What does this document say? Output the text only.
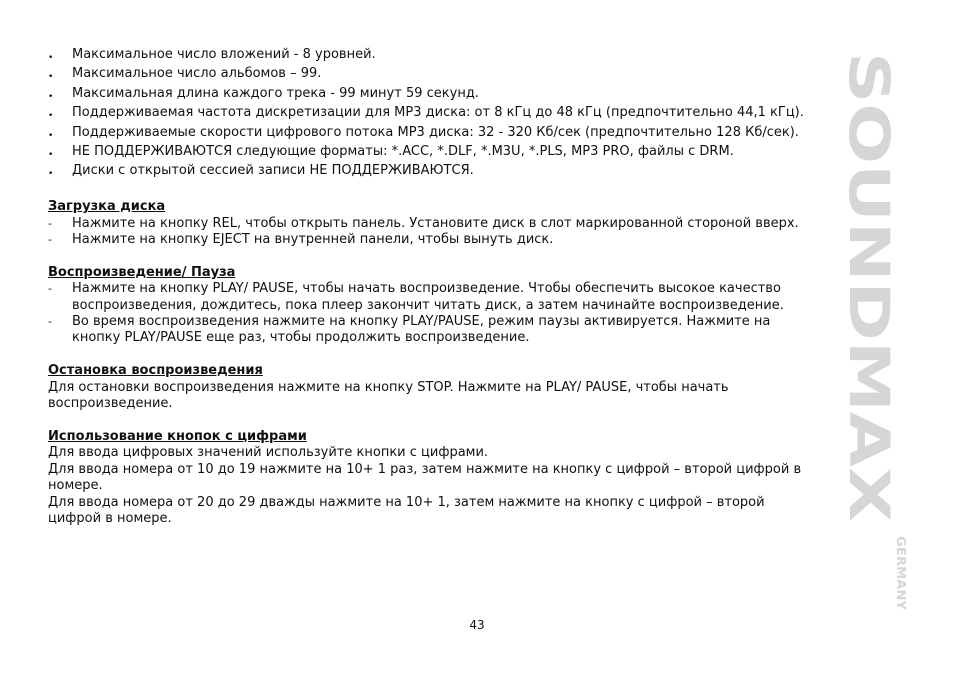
•	Максимальное число вложений - 8 уровней.
•	Максимальное число альбомов – 99.
•	Максимальная длина каждого трека - 99 минут 59 секунд.
•	Поддерживаемая частота дискретизации для MP3 диска: от 8 кГц до 48 кГц (предпочтительно 44,1 кГц).
•	Поддерживаемые скорости цифрового потока MP3 диска: 32 - 320 Кб/сек (предпочтительно 128 Кб/сек).
•	НЕ ПОДДЕРЖИВАЮТСЯ следующие форматы: *.ACC, *.DLF, *.M3U, *.PLS, MP3 PRO, файлы с DRM.
•	Диски с открытой сессией записи НЕ ПОДДЕРЖИВАЮТСЯ.
Загрузка диска
-	Нажмите на кнопку REL, чтобы открыть панель. Установите диск в слот маркированной стороной вверх.
-	Нажмите на кнопку EJECT на внутренней панели, чтобы вынуть диск.
Воспроизведение/ Пауза
-	Нажмите на кнопку PLAY/ PAUSE, чтобы начать воспроизведение. Чтобы обеспечить высокое качество воспроизведения, дождитесь, пока плеер закончит читать диск, а затем начинайте воспроизведение.
-	Во время воспроизведения нажмите на кнопку PLAY/PAUSE, режим паузы активируется. Нажмите на кнопку PLAY/PAUSE еще раз, чтобы продолжить воспроизведение.
Остановка воспроизведения
Для остановки воспроизведения нажмите на кнопку STOP. Нажмите на PLAY/ PAUSE, чтобы начать воспроизведение.
Использование кнопок с цифрами
Для ввода цифровых значений используйте кнопки с цифрами.
Для ввода номера от 10 до 19 нажмите на 10+ 1 раз, затем нажмите на кнопку с цифрой – второй цифрой в номере.
Для ввода номера от 20 до 29 дважды нажмите на 10+ 1, затем нажмите на кнопку с цифрой – второй цифрой в номере.
43
SOUNDMAX
GERMANY
